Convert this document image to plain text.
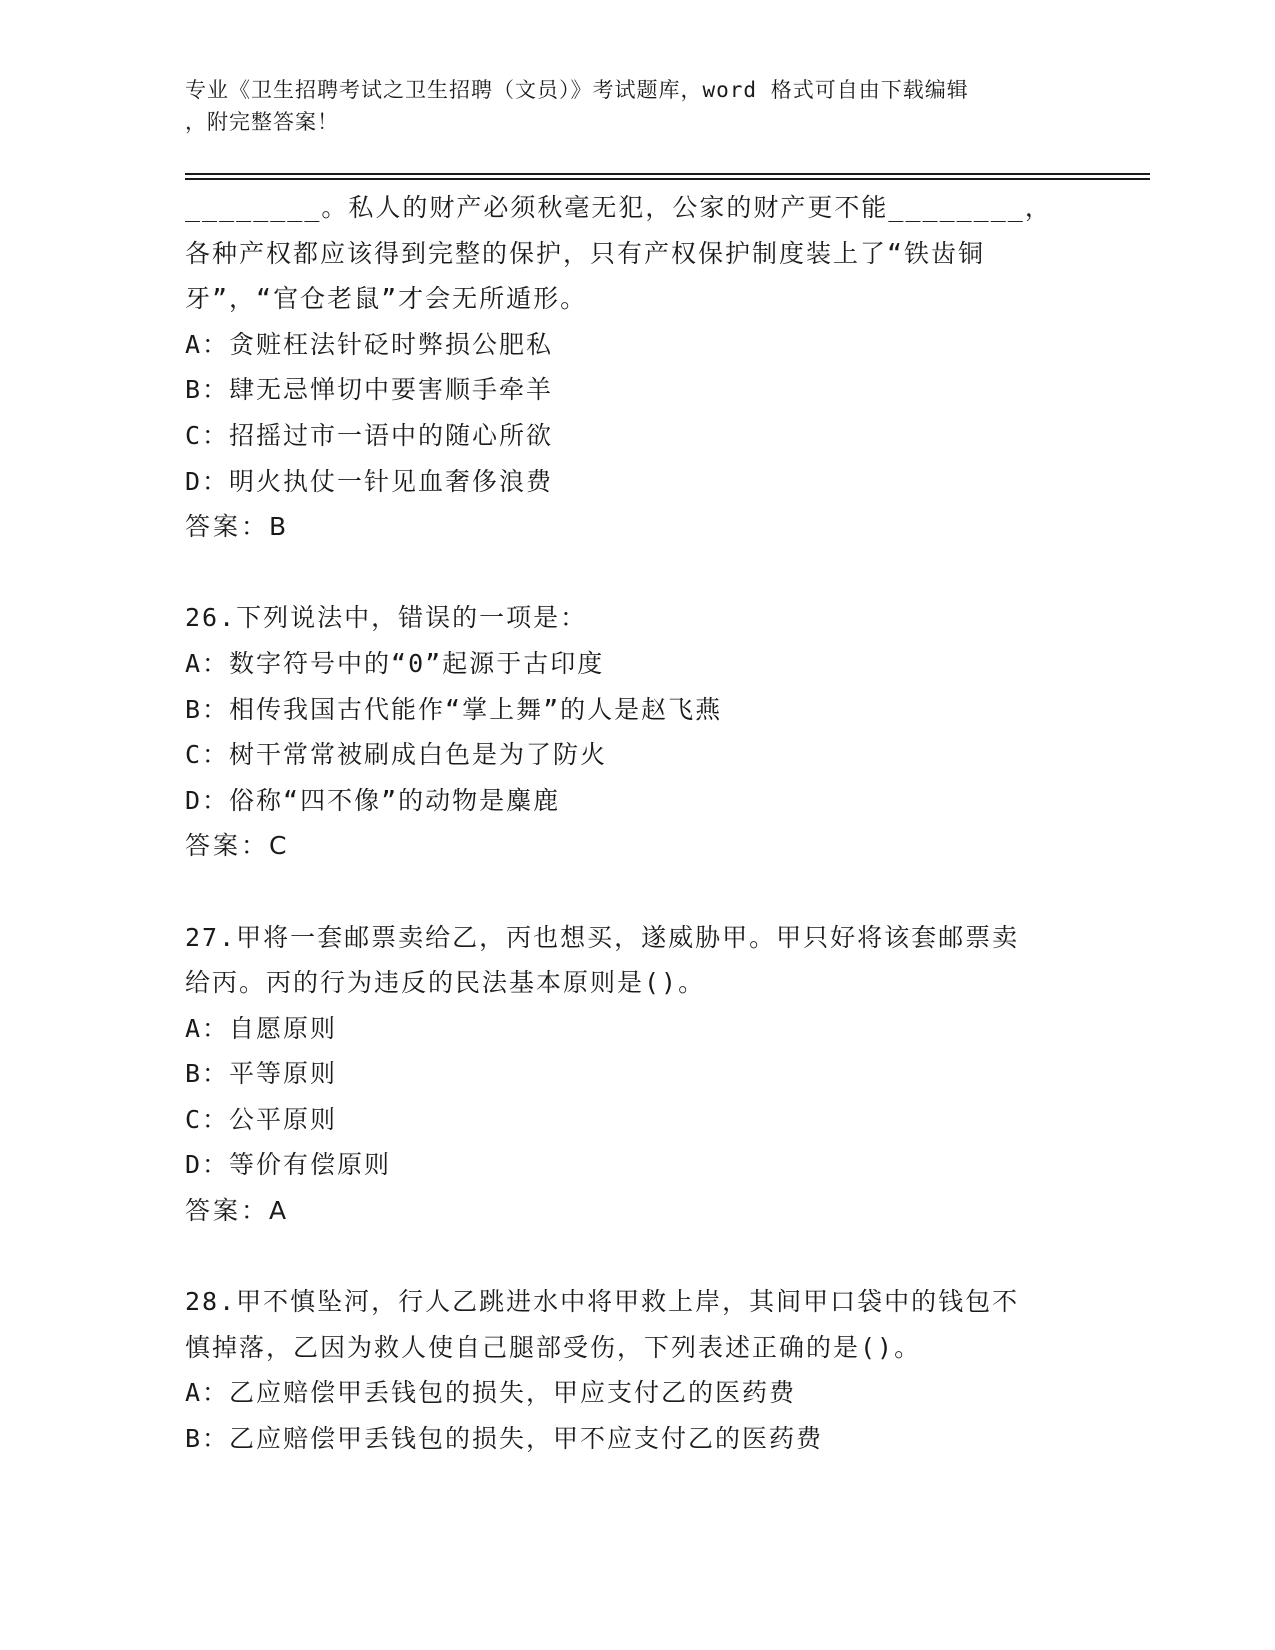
专业《卫生招聘考试之卫生招聘（文员）》考试题库，word 格式可自由下载编辑
，附完整答案！
________。私人的财产必须秋毫无犯，公家的财产更不能________，
各种产权都应该得到完整的保护，只有产权保护制度装上了“铁齿铜
牙”，“官仓老鼠”才会无所遁形。
A：贪赃枉法针砭时弊损公肥私
B：肆无忌惮切中要害顺手牵羊
C：招摇过市一语中的随心所欲
D：明火执仗一针见血奢侈浪费
答案：B
26.下列说法中，错误的一项是：
A：数字符号中的“0”起源于古印度
B：相传我国古代能作“掌上舞”的人是赵飞燕
C：树干常常被刷成白色是为了防火
D：俗称“四不像”的动物是麋鹿
答案：C
27.甲将一套邮票卖给乙，丙也想买，遂威胁甲。甲只好将该套邮票卖
给丙。丙的行为违反的民法基本原则是()。
A：自愿原则
B：平等原则
C：公平原则
D：等价有偿原则
答案：A
28.甲不慎坠河，行人乙跳进水中将甲救上岸，其间甲口袋中的钱包不
慎掉落，乙因为救人使自己腿部受伤，下列表述正确的是()。
A：乙应赔偿甲丢钱包的损失，甲应支付乙的医药费
B：乙应赔偿甲丢钱包的损失，甲不应支付乙的医药费
